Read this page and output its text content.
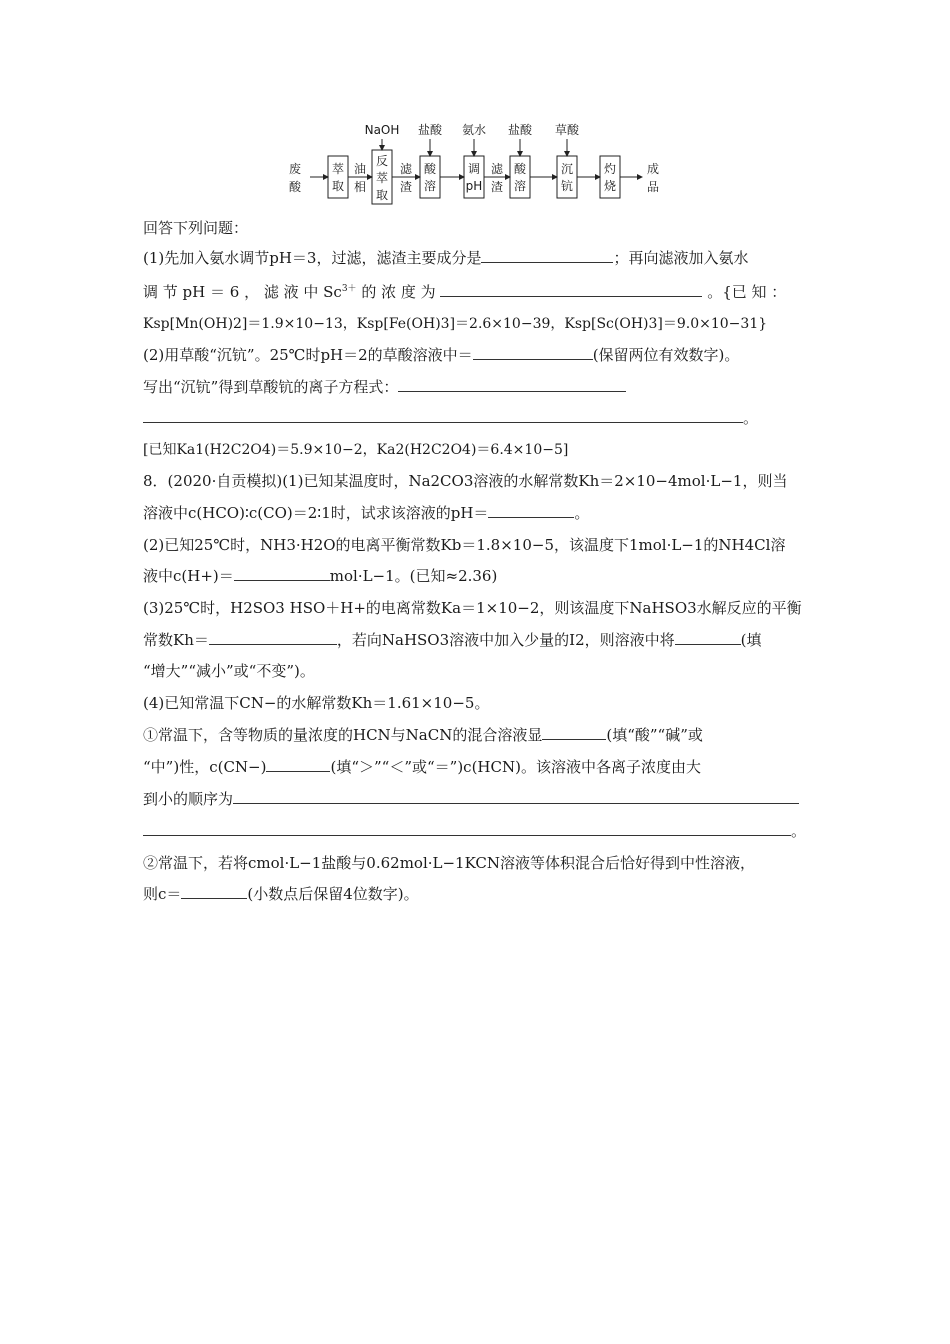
NaOH 盐酸 氨水 盐酸 草酸
废
酸
成
品
萃
取
反
萃
取
酸
溶
调
pH
酸
溶
沉
钪
灼
烧
油
相
滤
渣
滤
渣
回答下列问题：
(1)先加入氨水调节pH＝3，过滤，滤渣主要成分是	；再向滤液加入氨水
调 节 pH ＝ 6 ， 滤 液 中 $Sc^{3+}$ 的 浓 度 为	。{已 知 ：
Ksp[Mn(OH)2]＝1.9×10−13，Ksp[Fe(OH)3]＝2.6×10−39，Ksp[Sc(OH)3]＝9.0×10−31}
(2)用草酸“沉钪”。25℃时pH＝2的草酸溶液中＝	(保留两位有效数字)。
写出“沉钪”得到草酸钪的离子方程式：
。
[已知Ka1(H2C2O4)＝5.9×10−2，Ka2(H2C2O4)＝6.4×10−5]
8．(2020·自贡模拟)(1)已知某温度时，Na2CO3溶液的水解常数Kh＝2×10−4mol·L−1，则当
溶液中c(HCO)∶c(CO)＝2∶1时，试求该溶液的pH＝	。
(2)已知25℃时，NH3·H2O的电离平衡常数Kb＝1.8×10−5，该温度下1mol·L−1的NH4Cl溶
液中c(H+)＝	mol·L−1。(已知≈2.36)
(3)25℃时，H2SO3 HSO＋H+的电离常数Ka＝1×10−2，则该温度下NaHSO3水解反应的平衡
常数Kh＝	，若向NaHSO3溶液中加入少量的I2，则溶液中将	(填
“增大”“减小”或“不变”)。
(4)已知常温下CN−的水解常数Kh＝1.61×10−5。
①常温下，含等物质的量浓度的HCN与NaCN的混合溶液显	(填“酸”“碱”或
“中”)性，c(CN−)	(填“＞”“＜”或“＝”)c(HCN)。该溶液中各离子浓度由大
到小的顺序为
。
②常温下，若将cmol·L−1盐酸与0.62mol·L−1KCN溶液等体积混合后恰好得到中性溶液，
则c＝	(小数点后保留4位数字)。
